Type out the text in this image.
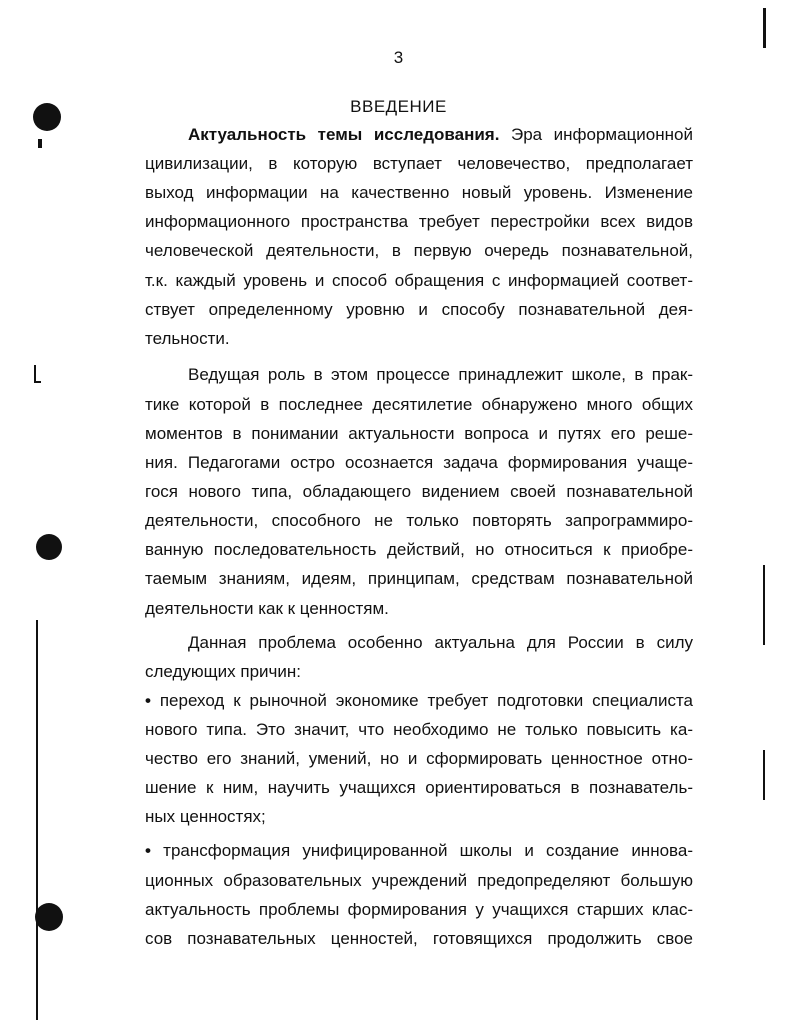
3
ВВЕДЕНИЕ
Актуальность темы исследования. Эра информационной
цивилизации, в которую вступает человечество, предполагает
выход информации на качественно новый уровень. Изменение
информационного пространства требует перестройки всех видов
человеческой деятельности, в первую очередь познавательной,
т.к. каждый уровень и способ обращения с информацией соответ-
ствует определенному уровню и способу познавательной дея-
тельности.
Ведущая роль в этом процессе принадлежит школе, в прак-
тике которой в последнее десятилетие обнаружено много общих
моментов в понимании актуальности вопроса и путях его реше-
ния. Педагогами остро осознается задача формирования учаще-
гося нового типа, обладающего видением своей познавательной
деятельности, способного не только повторять запрограммиро-
ванную последовательность действий, но относиться к приобре-
таемым знаниям, идеям, принципам, средствам познавательной
деятельности как к ценностям.
Данная проблема особенно актуальна для России в силу
следующих причин:
• переход к рыночной экономике требует подготовки специалиста
нового типа. Это значит, что необходимо не только повысить ка-
чество его знаний, умений, но и сформировать ценностное отно-
шение к ним, научить учащихся ориентироваться в познаватель-
ных ценностях;
• трансформация унифицированной школы и создание иннова-
ционных образовательных учреждений предопределяют большую
актуальность проблемы формирования у учащихся старших клас-
сов познавательных ценностей, готовящихся продолжить свое
